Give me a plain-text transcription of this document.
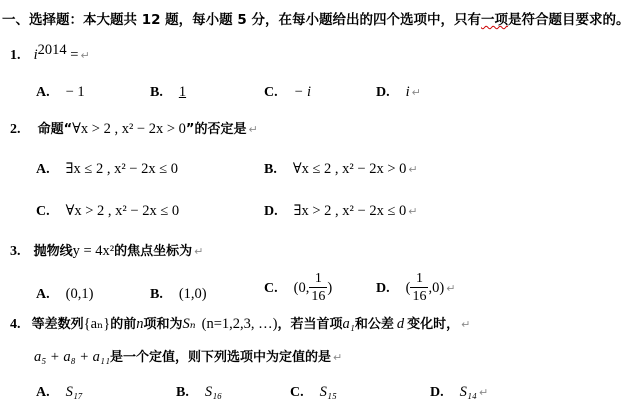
一、选择题：本大题共 12 题，每小题 5 分，在每小题给出的四个选项中，只有一项是符合题目要求的。
1. $i^{2014}$ = ↵
A. − 1	B. 1	C. − i	D. i ↵
2. 命题“∀x > 2 , x² − 2x > 0”的否定是 ↵
A. ∃x ≤ 2 , x² − 2x ≤ 0	B. ∀x ≤ 2 , x² − 2x > 0 ↵
C. ∀x > 2 , x² − 2x ≤ 0	D. ∃x > 2 , x² − 2x ≤ 0 ↵
3. 抛物线y = 4x²的焦点坐标为 ↵
A. (0,1)	B. (1,0)	C. (0, $\frac{1}{16}$ )	D. ( $\frac{1}{16} ,0$) ↵
4. 等差数列{aₙ}的前n项和为Sₙ (n=1,2,3, …)，若当首项a₁和公差 d 变化时， ↵
a₅ + a₈ + a₁₁是一个定值，则下列选项中为定值的是 ↵
A. S₁₇	B. S₁₆	C. S₁₅	D. S₁₄ ↵
